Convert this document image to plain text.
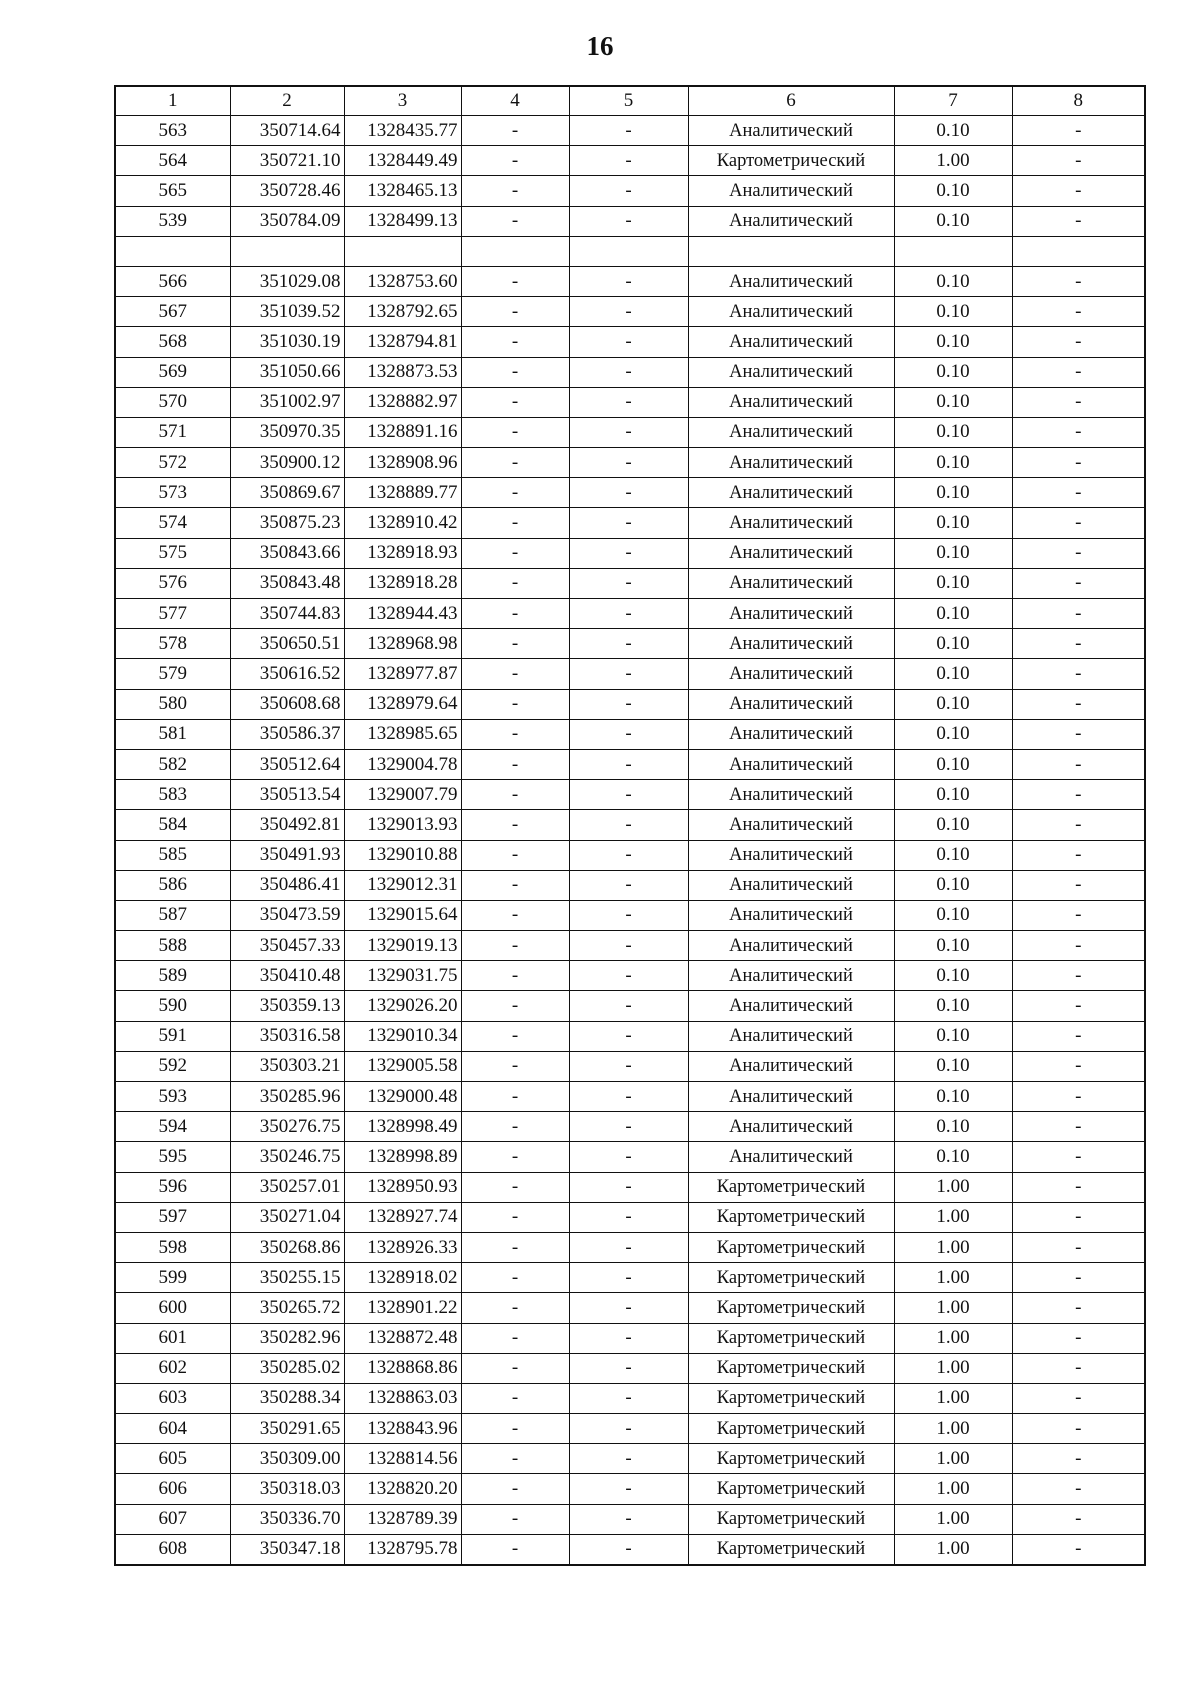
16
1	2	3	4	5	6	7	8
563	350714.64	1328435.77	-	-	Аналитический	0.10	-
564	350721.10	1328449.49	-	-	Картометрический	1.00	-
565	350728.46	1328465.13	-	-	Аналитический	0.10	-
539	350784.09	1328499.13	-	-	Аналитический	0.10	-

566	351029.08	1328753.60	-	-	Аналитический	0.10	-
567	351039.52	1328792.65	-	-	Аналитический	0.10	-
568	351030.19	1328794.81	-	-	Аналитический	0.10	-
569	351050.66	1328873.53	-	-	Аналитический	0.10	-
570	351002.97	1328882.97	-	-	Аналитический	0.10	-
571	350970.35	1328891.16	-	-	Аналитический	0.10	-
572	350900.12	1328908.96	-	-	Аналитический	0.10	-
573	350869.67	1328889.77	-	-	Аналитический	0.10	-
574	350875.23	1328910.42	-	-	Аналитический	0.10	-
575	350843.66	1328918.93	-	-	Аналитический	0.10	-
576	350843.48	1328918.28	-	-	Аналитический	0.10	-
577	350744.83	1328944.43	-	-	Аналитический	0.10	-
578	350650.51	1328968.98	-	-	Аналитический	0.10	-
579	350616.52	1328977.87	-	-	Аналитический	0.10	-
580	350608.68	1328979.64	-	-	Аналитический	0.10	-
581	350586.37	1328985.65	-	-	Аналитический	0.10	-
582	350512.64	1329004.78	-	-	Аналитический	0.10	-
583	350513.54	1329007.79	-	-	Аналитический	0.10	-
584	350492.81	1329013.93	-	-	Аналитический	0.10	-
585	350491.93	1329010.88	-	-	Аналитический	0.10	-
586	350486.41	1329012.31	-	-	Аналитический	0.10	-
587	350473.59	1329015.64	-	-	Аналитический	0.10	-
588	350457.33	1329019.13	-	-	Аналитический	0.10	-
589	350410.48	1329031.75	-	-	Аналитический	0.10	-
590	350359.13	1329026.20	-	-	Аналитический	0.10	-
591	350316.58	1329010.34	-	-	Аналитический	0.10	-
592	350303.21	1329005.58	-	-	Аналитический	0.10	-
593	350285.96	1329000.48	-	-	Аналитический	0.10	-
594	350276.75	1328998.49	-	-	Аналитический	0.10	-
595	350246.75	1328998.89	-	-	Аналитический	0.10	-
596	350257.01	1328950.93	-	-	Картометрический	1.00	-
597	350271.04	1328927.74	-	-	Картометрический	1.00	-
598	350268.86	1328926.33	-	-	Картометрический	1.00	-
599	350255.15	1328918.02	-	-	Картометрический	1.00	-
600	350265.72	1328901.22	-	-	Картометрический	1.00	-
601	350282.96	1328872.48	-	-	Картометрический	1.00	-
602	350285.02	1328868.86	-	-	Картометрический	1.00	-
603	350288.34	1328863.03	-	-	Картометрический	1.00	-
604	350291.65	1328843.96	-	-	Картометрический	1.00	-
605	350309.00	1328814.56	-	-	Картометрический	1.00	-
606	350318.03	1328820.20	-	-	Картометрический	1.00	-
607	350336.70	1328789.39	-	-	Картометрический	1.00	-
608	350347.18	1328795.78	-	-	Картометрический	1.00	-
